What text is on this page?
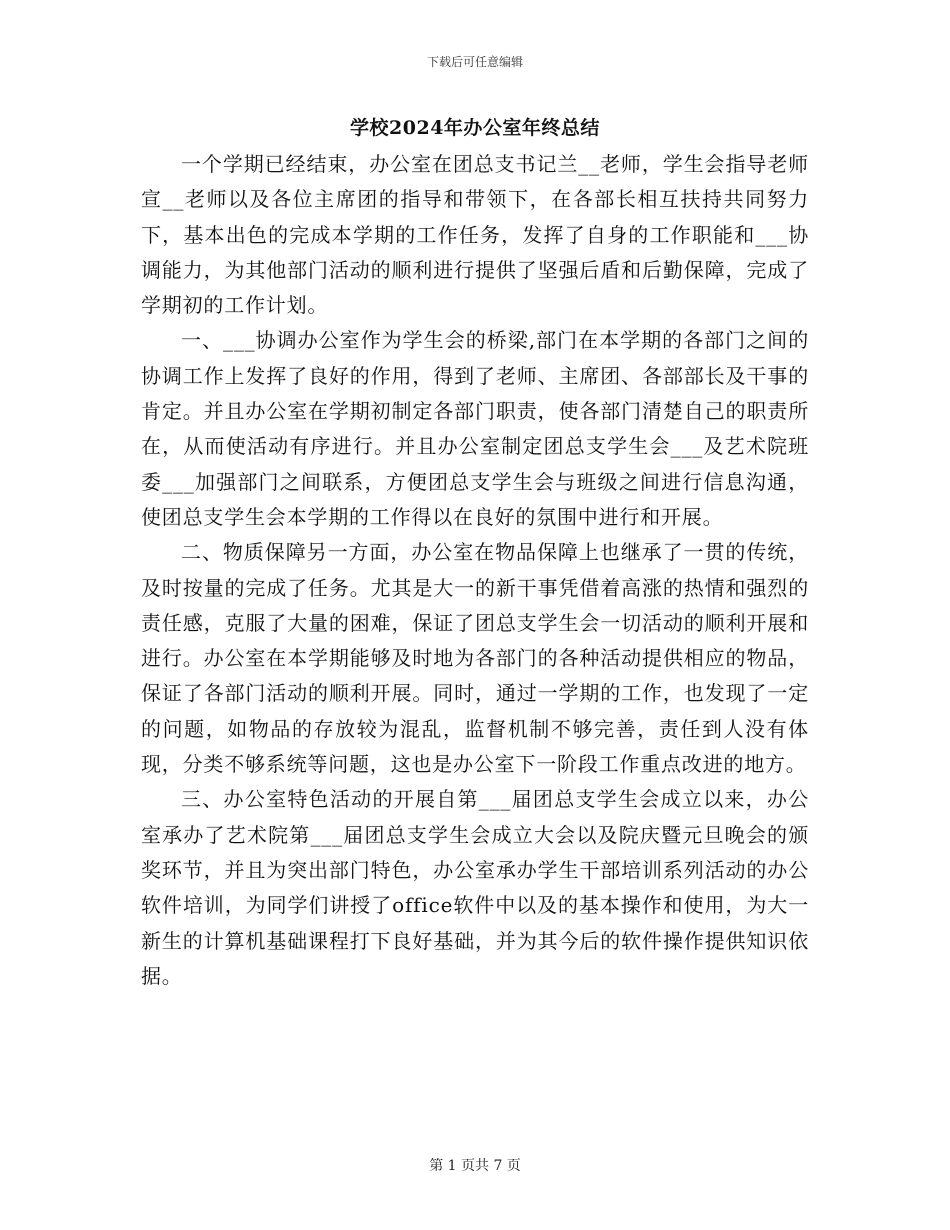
下载后可任意编辑
学校2024年办公室年终总结

一个学期已经结束，办公室在团总支书记兰__老师，学生会指导老师宣__老师以及各位主席团的指导和带领下，在各部长相互扶持共同努力下，基本出色的完成本学期的工作任务，发挥了自身的工作职能和___协调能力，为其他部门活动的顺利进行提供了坚强后盾和后勤保障，完成了学期初的工作计划。

一、___协调办公室作为学生会的桥梁,部门在本学期的各部门之间的协调工作上发挥了良好的作用，得到了老师、主席团、各部部长及干事的肯定。并且办公室在学期初制定各部门职责，使各部门清楚自己的职责所在，从而使活动有序进行。并且办公室制定团总支学生会___及艺术院班委___加强部门之间联系，方便团总支学生会与班级之间进行信息沟通，使团总支学生会本学期的工作得以在良好的氛围中进行和开展。

二、物质保障另一方面，办公室在物品保障上也继承了一贯的传统，及时按量的完成了任务。尤其是大一的新干事凭借着高涨的热情和强烈的责任感，克服了大量的困难，保证了团总支学生会一切活动的顺利开展和进行。办公室在本学期能够及时地为各部门的各种活动提供相应的物品，保证了各部门活动的顺利开展。同时，通过一学期的工作，也发现了一定的问题，如物品的存放较为混乱，监督机制不够完善，责任到人没有体现，分类不够系统等问题，这也是办公室下一阶段工作重点改进的地方。

三、办公室特色活动的开展自第___届团总支学生会成立以来，办公室承办了艺术院第___届团总支学生会成立大会以及院庆暨元旦晚会的颁奖环节，并且为突出部门特色，办公室承办学生干部培训系列活动的办公软件培训，为同学们讲授了office软件中以及的基本操作和使用，为大一新生的计算机基础课程打下良好基础，并为其今后的软件操作提供知识依据。

第 1 页共 7 页
